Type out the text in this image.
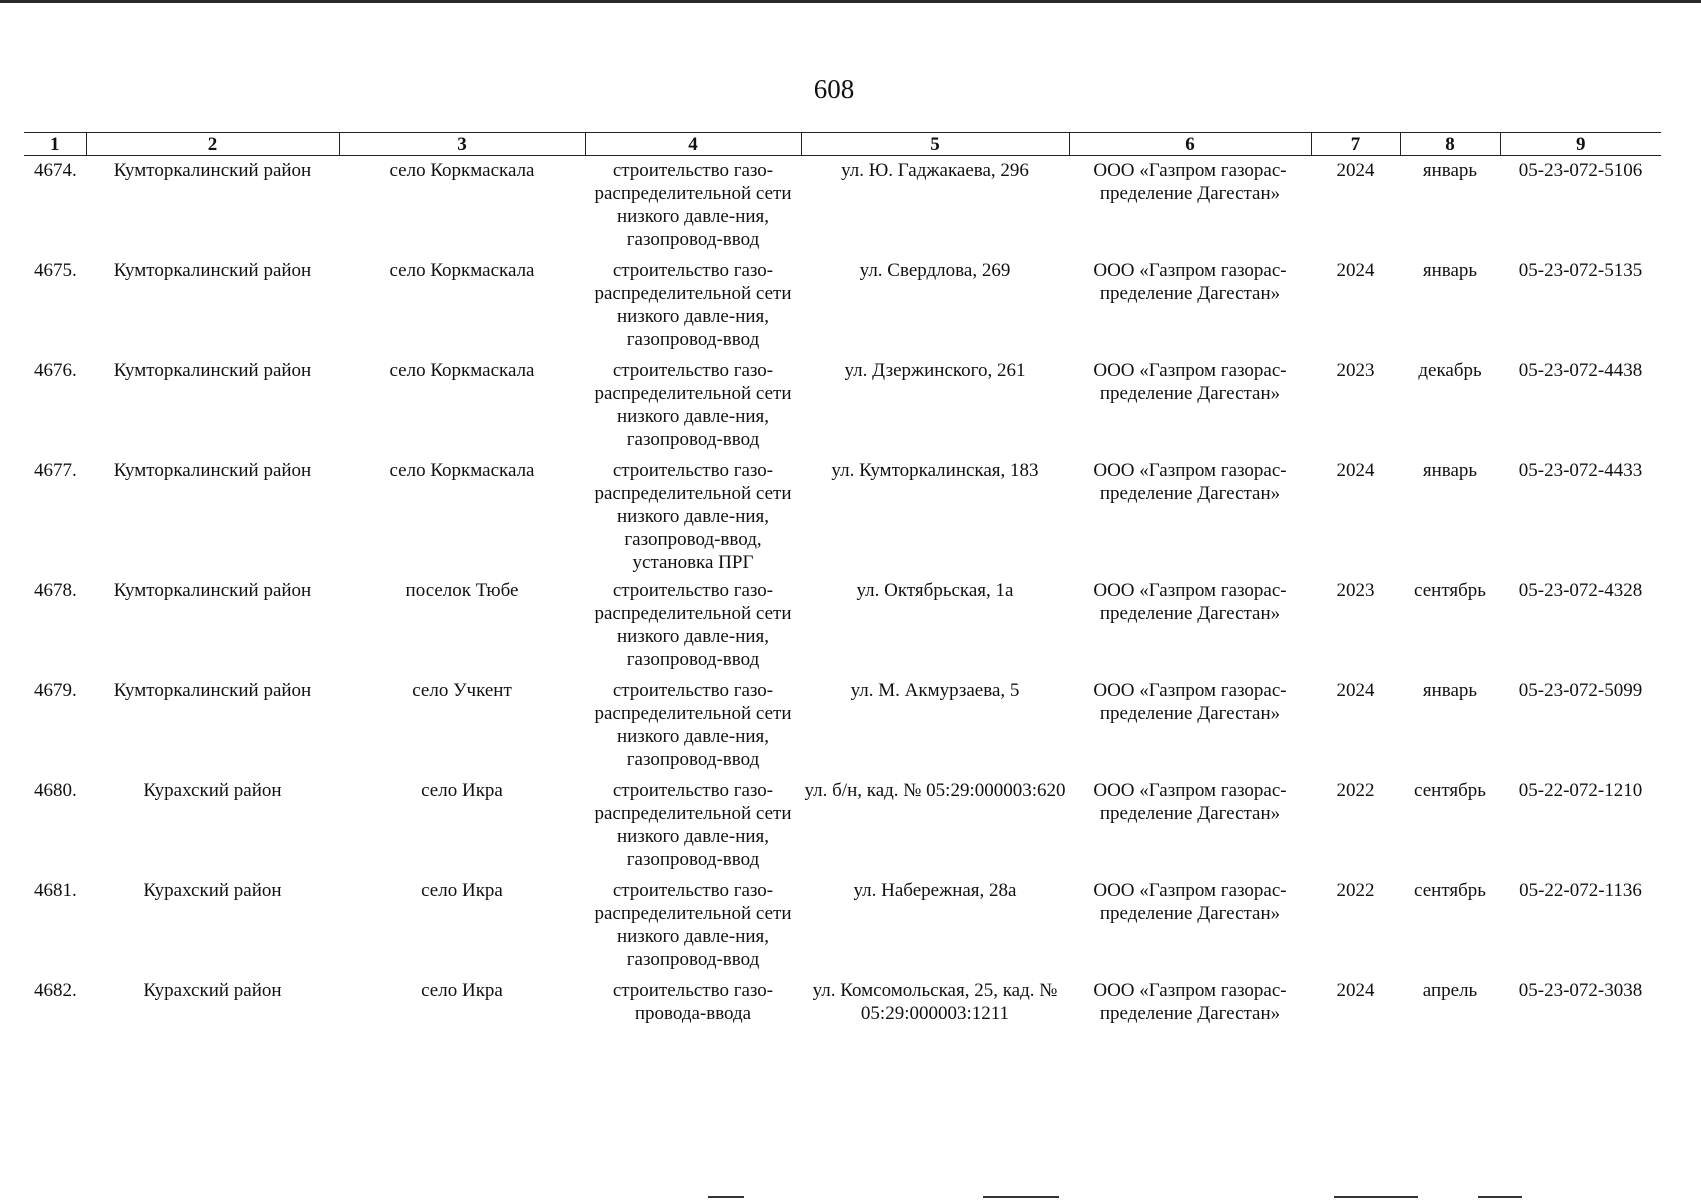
608
1	2	3	4	5	6	7	8	9
4674.	Кумторкалинский район	село Коркмаскала	строительство газо-распределительной сети низкого давле-ния, газопровод-ввод	ул. Ю. Гаджакаева, 296	ООО «Газпром газорас-пределение Дагестан»	2024	январь	05-23-072-5106
4675.	Кумторкалинский район	село Коркмаскала	строительство газо-распределительной сети низкого давле-ния, газопровод-ввод	ул. Свердлова, 269	ООО «Газпром газорас-пределение Дагестан»	2024	январь	05-23-072-5135
4676.	Кумторкалинский район	село Коркмаскала	строительство газо-распределительной сети низкого давле-ния, газопровод-ввод	ул. Дзержинского, 261	ООО «Газпром газорас-пределение Дагестан»	2023	декабрь	05-23-072-4438
4677.	Кумторкалинский район	село Коркмаскала	строительство газо-распределительной сети низкого давле-ния, газопровод-ввод, установка ПРГ	ул. Кумторкалинская, 183	ООО «Газпром газорас-пределение Дагестан»	2024	январь	05-23-072-4433
4678.	Кумторкалинский район	поселок Тюбе	строительство газо-распределительной сети низкого давле-ния, газопровод-ввод	ул. Октябрьская, 1а	ООО «Газпром газорас-пределение Дагестан»	2023	сентябрь	05-23-072-4328
4679.	Кумторкалинский район	село Учкент	строительство газо-распределительной сети низкого давле-ния, газопровод-ввод	ул. М. Акмурзаева, 5	ООО «Газпром газорас-пределение Дагестан»	2024	январь	05-23-072-5099
4680.	Курахский район	село Икра	строительство газо-распределительной сети низкого давле-ния, газопровод-ввод	ул. б/н, кад. № 05:29:000003:620	ООО «Газпром газорас-пределение Дагестан»	2022	сентябрь	05-22-072-1210
4681.	Курахский район	село Икра	строительство газо-распределительной сети низкого давле-ния, газопровод-ввод	ул. Набережная, 28а	ООО «Газпром газорас-пределение Дагестан»	2022	сентябрь	05-22-072-1136
4682.	Курахский район	село Икра	строительство газо-провода-ввода	ул. Комсомольская, 25, кад. № 05:29:000003:1211	ООО «Газпром газорас-пределение Дагестан»	2024	апрель	05-23-072-3038
